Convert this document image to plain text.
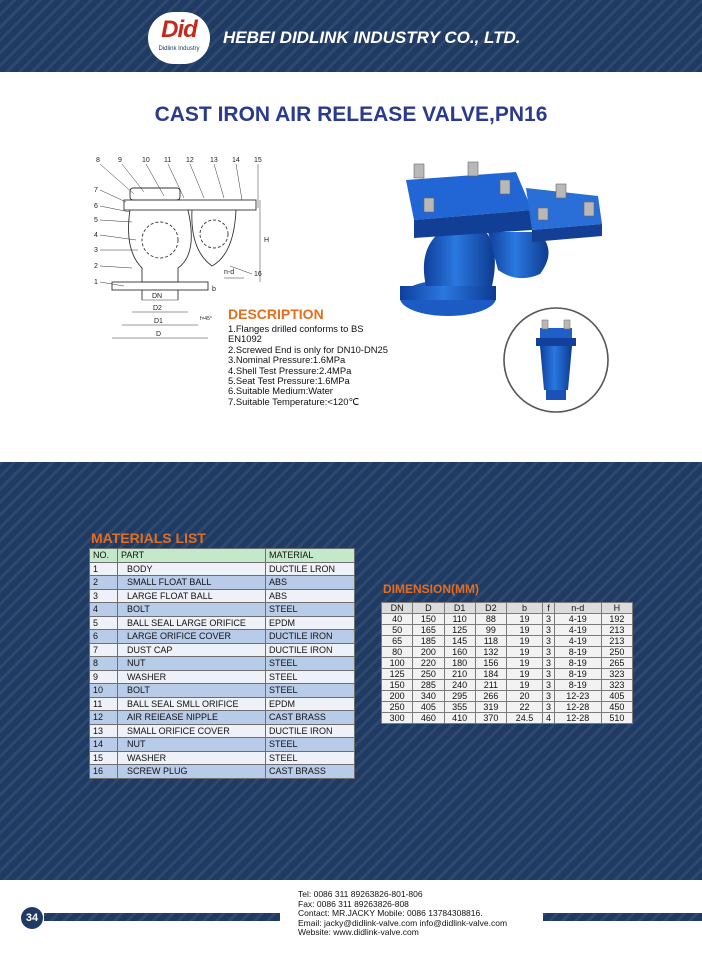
Did
Didlink Industry
HEBEI DIDLINK INDUSTRY CO., LTD.
CAST IRON AIR RELEASE VALVE,PN16
8	9	10 11 12 13 14 15
7
6
5
4
3
2
1
16
DN
D2
D1
D
H
n-d
b
f×45° DESCRIPTION
1.Flanges drilled conforms to BS EN1092
2.Screwed End is only for DN10-DN25
3.Nominal Pressure:1.6MPa
4.Shell Test Pressure:2.4MPa
5.Seat Test Pressure:1.6MPa
6.Suitable Medium:Water
7.Suitable Temperature:<120℃
MATERIALS LIST
NO.	PART	MATERIAL
1	BODY	DUCTILE LRON
2	SMALL FLOAT BALL	ABS
3	LARGE FLOAT BALL	ABS
4	BOLT	STEEL
5	BALL SEAL LARGE ORIFICE	EPDM
6	LARGE ORIFICE COVER	DUCTILE IRON
7	DUST CAP	DUCTILE IRON
8	NUT	STEEL
9	WASHER	STEEL
10	BOLT	STEEL
11	BALL SEAL SMLL ORIFICE	EPDM
12	AIR REIEASE NIPPLE	CAST BRASS
13	SMALL ORIFICE COVER	DUCTILE IRON
14	NUT	STEEL
15	WASHER	STEEL
16	SCREW PLUG	CAST BRASS
DIMENSION(MM)
DN	D	D1	D2	b	f	n-d	H
40	150	110	88	19	3	4-19	192
50	165	125	99	19	3	4-19	213
65	185	145	118	19	3	4-19	213
80	200	160	132	19	3	8-19	250
100	220	180	156	19	3	8-19	265
125	250	210	184	19	3	8-19	323
150	285	240	211	19	3	8-19	323
200	340	295	266	20	3	12-23	405
250	405	355	319	22	3	12-28	450
300	460	410	370	24.5	4	12-28	510
34
Tel: 0086 311 89263826-801-806
Fax: 0086 311 89263826-808
Contact: MR.JACKY Mobile: 0086 13784308816.
Email: jacky@didlink-valve.com info@didlink-valve.com
Website: www.didlink-valve.com
